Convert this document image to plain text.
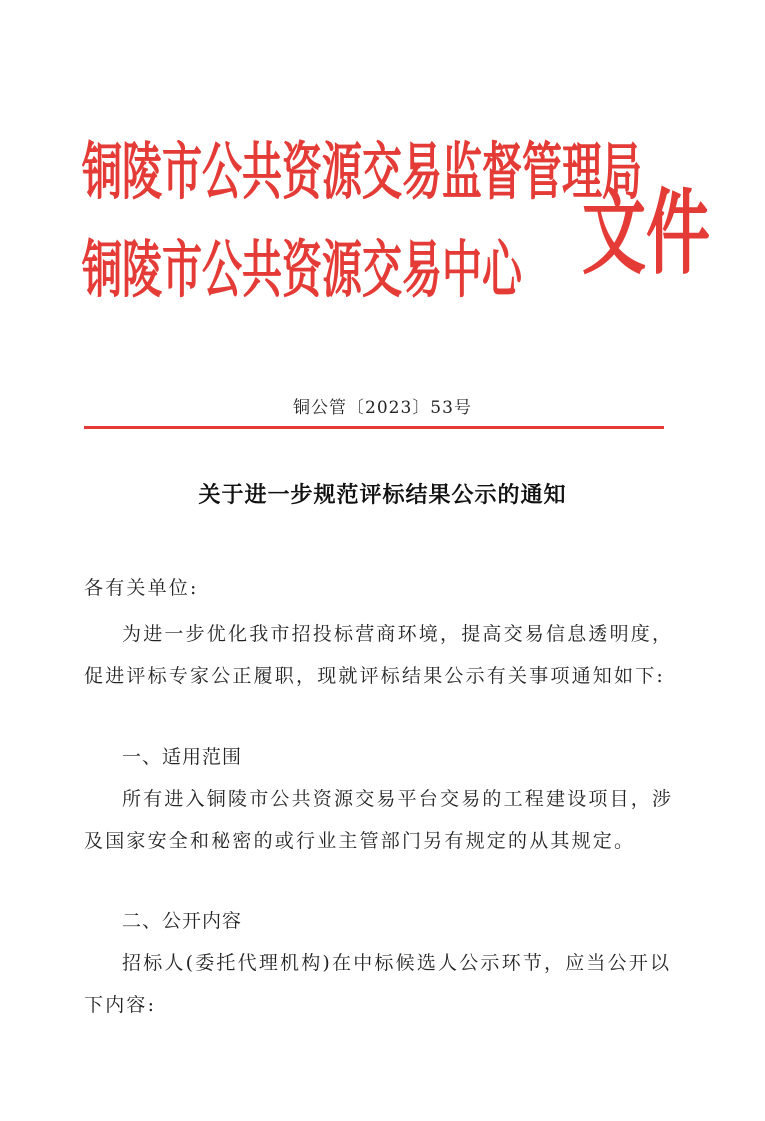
铜陵市公共资源交易监督管理局
铜陵市公共资源交易中心 文件
铜公管〔2023〕53号
关于进一步规范评标结果公示的通知
各有关单位:
为进一步优化我市招投标营商环境，提高交易信息透明度，促进评标专家公正履职，现就评标结果公示有关事项通知如下:
一、适用范围
所有进入铜陵市公共资源交易平台交易的工程建设项目，涉及国家安全和秘密的或行业主管部门另有规定的从其规定。
二、公开内容
招标人(委托代理机构)在中标候选人公示环节，应当公开以下内容:
